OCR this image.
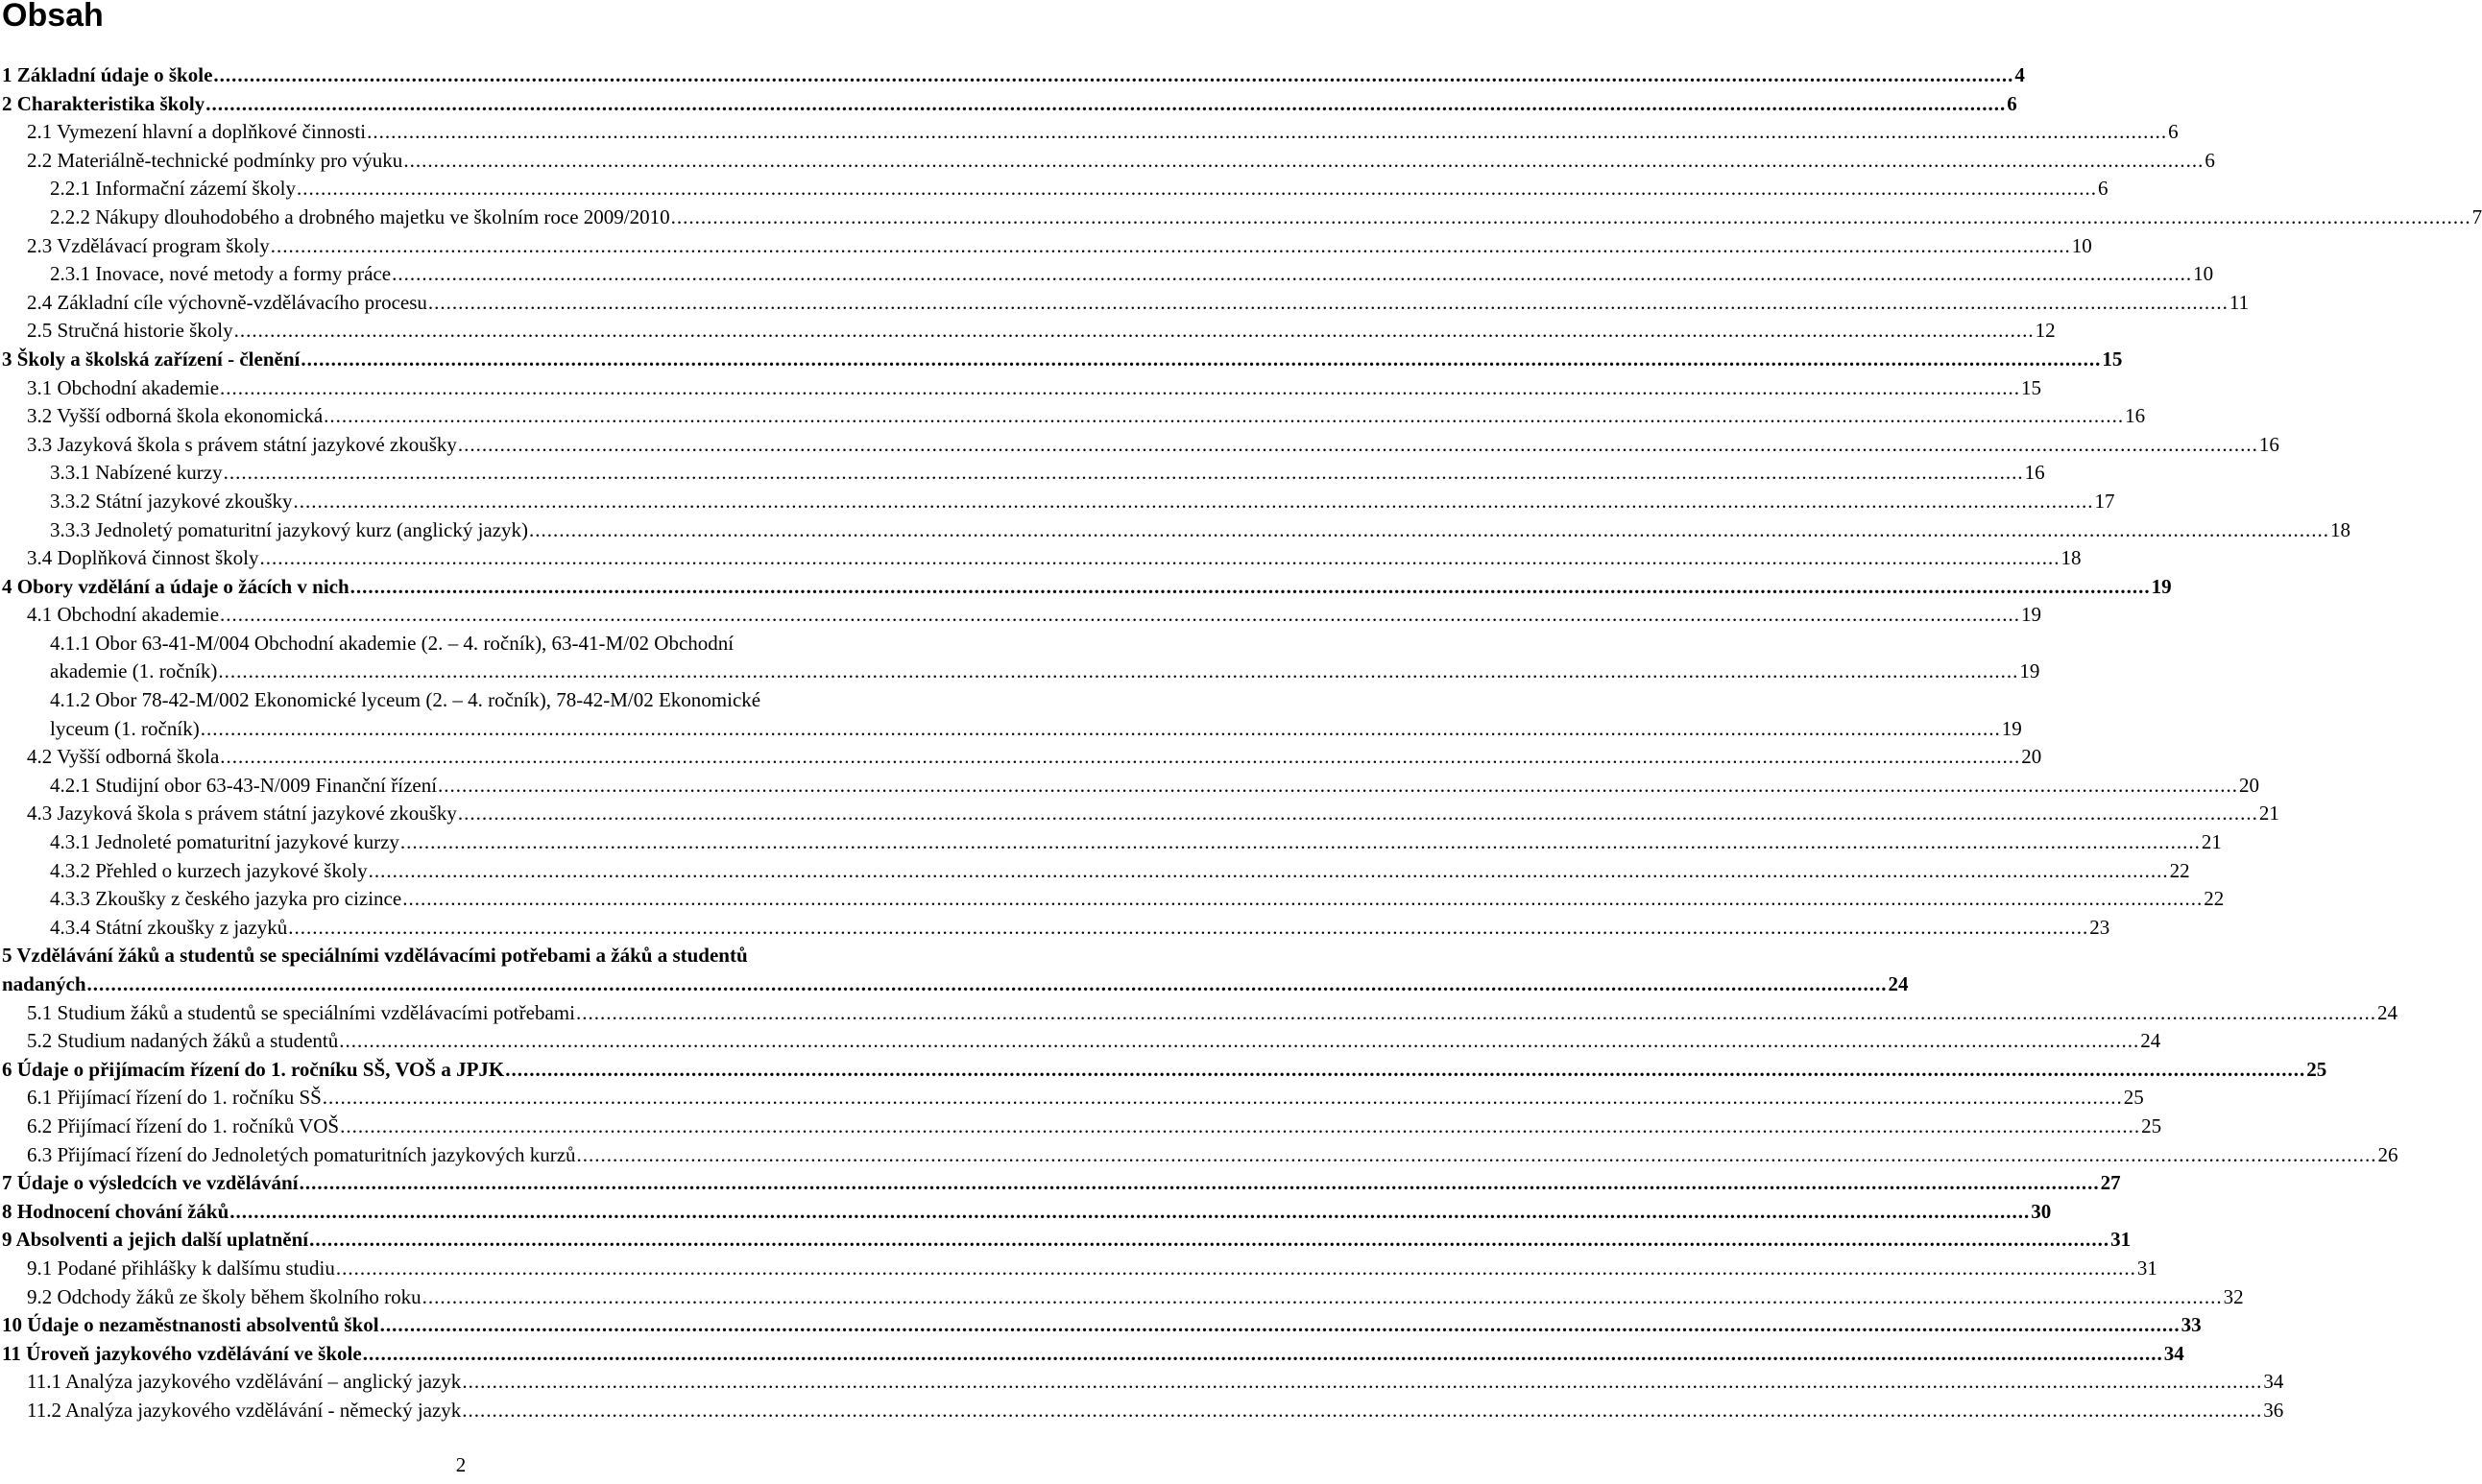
Obsah
1 Základní údaje o škole ............................................................................................................................................................................................................................................................................................................ 4
2 Charakteristika školy ............................................................................................................................................................................................................................................................................................................ 6
2.1 Vymezení hlavní a doplňkové činnosti ............................................................................................................................................................................................................................................................................................................ 6
2.2 Materiálně-technické podmínky pro výuku ............................................................................................................................................................................................................................................................................................................ 6
2.2.1 Informační zázemí školy ............................................................................................................................................................................................................................................................................................................ 6
2.2.2 Nákupy dlouhodobého a drobného majetku ve školním roce 2009/2010 ............................................................................................................................................................................................................................................................................................................ 7
2.3 Vzdělávací program školy ............................................................................................................................................................................................................................................................................................................ 10
2.3.1 Inovace, nové metody a formy práce ............................................................................................................................................................................................................................................................................................................ 10
2.4 Základní cíle výchovně-vzdělávacího procesu ............................................................................................................................................................................................................................................................................................................ 11
2.5 Stručná historie školy ............................................................................................................................................................................................................................................................................................................ 12
3 Školy a školská zařízení - členění ............................................................................................................................................................................................................................................................................................................ 15
3.1 Obchodní akademie ............................................................................................................................................................................................................................................................................................................ 15
3.2 Vyšší odborná škola ekonomická ............................................................................................................................................................................................................................................................................................................ 16
3.3 Jazyková škola s právem státní jazykové zkoušky ............................................................................................................................................................................................................................................................................................................ 16
3.3.1 Nabízené kurzy ............................................................................................................................................................................................................................................................................................................ 16
3.3.2 Státní jazykové zkoušky ............................................................................................................................................................................................................................................................................................................ 17
3.3.3 Jednoletý pomaturitní jazykový kurz (anglický jazyk) ............................................................................................................................................................................................................................................................................................................ 18
3.4 Doplňková činnost školy ............................................................................................................................................................................................................................................................................................................ 18
4 Obory vzdělání a údaje o žácích v nich ............................................................................................................................................................................................................................................................................................................ 19
4.1 Obchodní akademie ............................................................................................................................................................................................................................................................................................................ 19
4.1.1 Obor 63-41-M/004 Obchodní akademie (2. – 4. ročník), 63-41-M/02 Obchodní
akademie (1. ročník) ............................................................................................................................................................................................................................................................................................................ 19
4.1.2 Obor 78-42-M/002 Ekonomické lyceum (2. – 4. ročník), 78-42-M/02 Ekonomické
lyceum (1. ročník) ............................................................................................................................................................................................................................................................................................................ 19
4.2 Vyšší odborná škola ............................................................................................................................................................................................................................................................................................................ 20
4.2.1 Studijní obor 63-43-N/009 Finanční řízení ............................................................................................................................................................................................................................................................................................................ 20
4.3 Jazyková škola s právem státní jazykové zkoušky ............................................................................................................................................................................................................................................................................................................ 21
4.3.1 Jednoleté pomaturitní jazykové kurzy ............................................................................................................................................................................................................................................................................................................ 21
4.3.2 Přehled o kurzech jazykové školy ............................................................................................................................................................................................................................................................................................................ 22
4.3.3 Zkoušky z českého jazyka pro cizince ............................................................................................................................................................................................................................................................................................................ 22
4.3.4 Státní zkoušky z jazyků ............................................................................................................................................................................................................................................................................................................ 23
5 Vzdělávání žáků a studentů se speciálními vzdělávacími potřebami a žáků a studentů
nadaných ............................................................................................................................................................................................................................................................................................................ 24
5.1 Studium žáků a studentů se speciálními vzdělávacími potřebami ............................................................................................................................................................................................................................................................................................................ 24
5.2 Studium nadaných žáků a studentů ............................................................................................................................................................................................................................................................................................................ 24
6 Údaje o přijímacím řízení do 1. ročníku SŠ, VOŠ a JPJK ............................................................................................................................................................................................................................................................................................................ 25
6.1 Přijímací řízení do 1. ročníku SŠ ............................................................................................................................................................................................................................................................................................................ 25
6.2 Přijímací řízení do 1. ročníků VOŠ ............................................................................................................................................................................................................................................................................................................ 25
6.3 Přijímací řízení do Jednoletých pomaturitních jazykových kurzů ............................................................................................................................................................................................................................................................................................................ 26
7 Údaje o výsledcích ve vzdělávání ............................................................................................................................................................................................................................................................................................................ 27
8 Hodnocení chování žáků ............................................................................................................................................................................................................................................................................................................ 30
9 Absolventi a jejich další uplatnění ............................................................................................................................................................................................................................................................................................................ 31
9.1 Podané přihlášky k dalšímu studiu ............................................................................................................................................................................................................................................................................................................ 31
9.2 Odchody žáků ze školy během školního roku ............................................................................................................................................................................................................................................................................................................ 32
10 Údaje o nezaměstnanosti absolventů škol ............................................................................................................................................................................................................................................................................................................ 33
11 Úroveň jazykového vzdělávání ve škole ............................................................................................................................................................................................................................................................................................................ 34
11.1 Analýza jazykového vzdělávání – anglický jazyk ............................................................................................................................................................................................................................................................................................................ 34
11.2 Analýza jazykového vzdělávání - německý jazyk ............................................................................................................................................................................................................................................................................................................ 36
2
